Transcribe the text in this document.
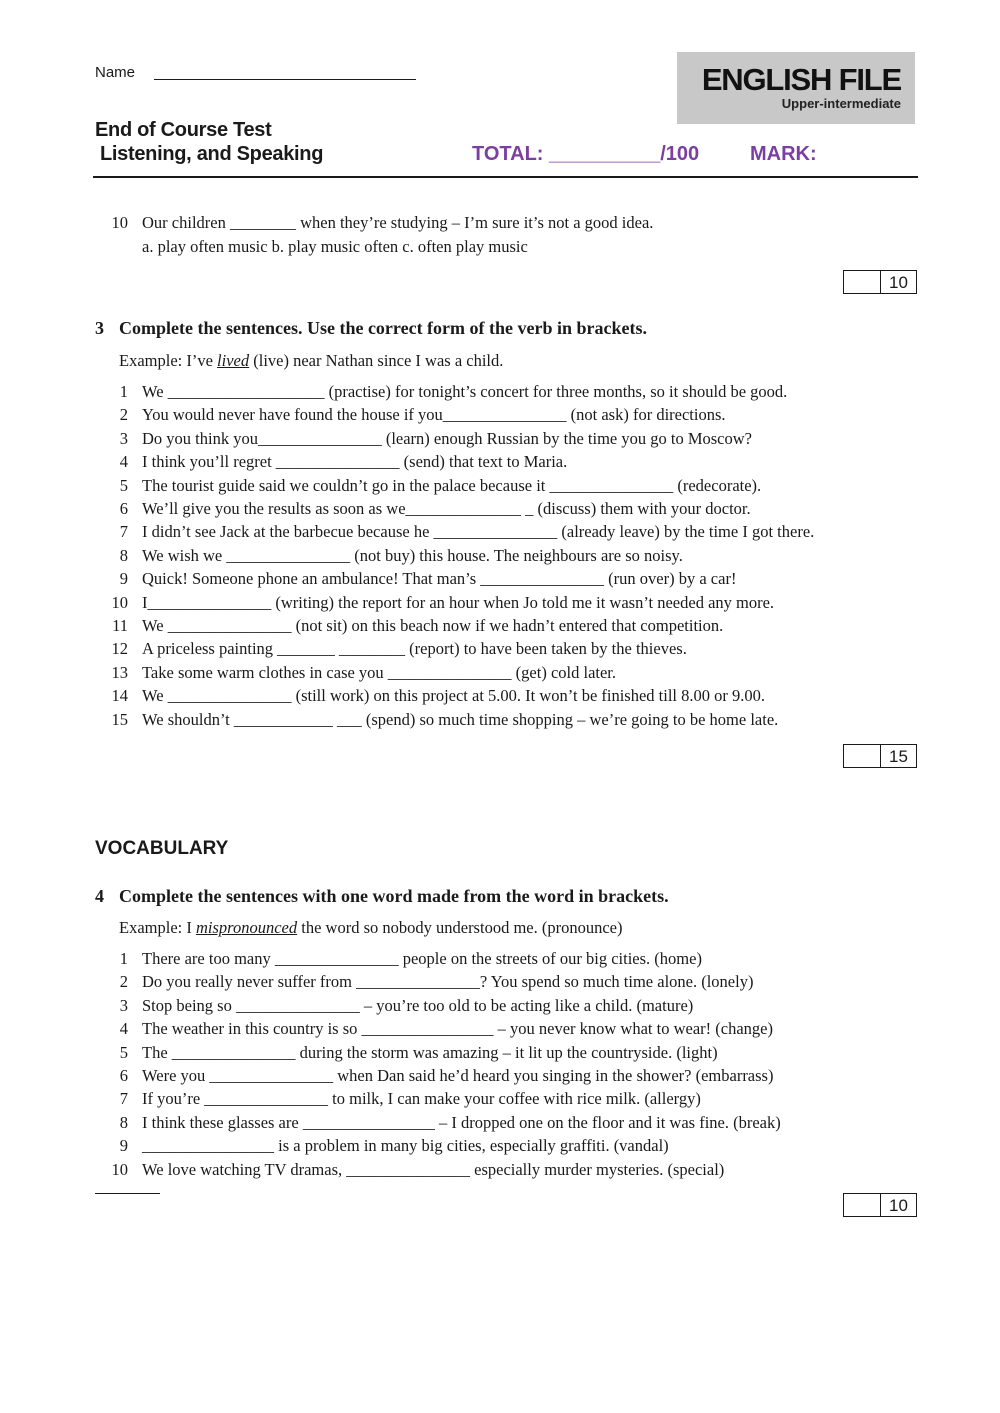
Name	ENGLISH FILE
Upper-intermediate
End of Course Test
Listening, and Speaking	TOTAL: __________/100	MARK:
10 Our children ________ when they’re studying – I’m sure it’s not a good idea.
a. play often music b. play music often c. often play music
10
3 Complete the sentences. Use the correct form of the verb in brackets.
Example: I’ve lived (live) near Nathan since I was a child.
1 We ___________________ (practise) for tonight’s concert for three months, so it should be good.
2 You would never have found the house if you_______________ (not ask) for directions.
3 Do you think you_______________ (learn) enough Russian by the time you go to Moscow?
4 I think you’ll regret _______________ (send) that text to Maria.
5 The tourist guide said we couldn’t go in the palace because it _______________ (redecorate).
6 We’ll give you the results as soon as we______________ _ (discuss) them with your doctor.
7 I didn’t see Jack at the barbecue because he _______________ (already leave) by the time I got there.
8 We wish we _______________ (not buy) this house. The neighbours are so noisy.
9 Quick! Someone phone an ambulance! That man’s _______________ (run over) by a car!
10 I_______________ (writing) the report for an hour when Jo told me it wasn’t needed any more.
11 We _______________ (not sit) on this beach now if we hadn’t entered that competition.
12 A priceless painting _______ ________ (report) to have been taken by the thieves.
13 Take some warm clothes in case you _______________ (get) cold later.
14 We _______________ (still work) on this project at 5.00. It won’t be finished till 8.00 or 9.00.
15 We shouldn’t ____________ ___ (spend) so much time shopping – we’re going to be home late.
15
VOCABULARY
4 Complete the sentences with one word made from the word in brackets.
Example: I mispronounced the word so nobody understood me. (pronounce)
1 There are too many _______________ people on the streets of our big cities. (home)
2 Do you really never suffer from _______________? You spend so much time alone. (lonely)
3 Stop being so _______________ – you’re too old to be acting like a child. (mature)
4 The weather in this country is so ________________ – you never know what to wear! (change)
5 The _______________ during the storm was amazing – it lit up the countryside. (light)
6 Were you _______________ when Dan said he’d heard you singing in the shower? (embarrass)
7 If you’re _______________ to milk, I can make your coffee with rice milk. (allergy)
8 I think these glasses are ________________ – I dropped one on the floor and it was fine. (break)
9 ________________ is a problem in many big cities, especially graffiti. (vandal)
10 We love watching TV dramas, _______________ especially murder mysteries. (special)
10
